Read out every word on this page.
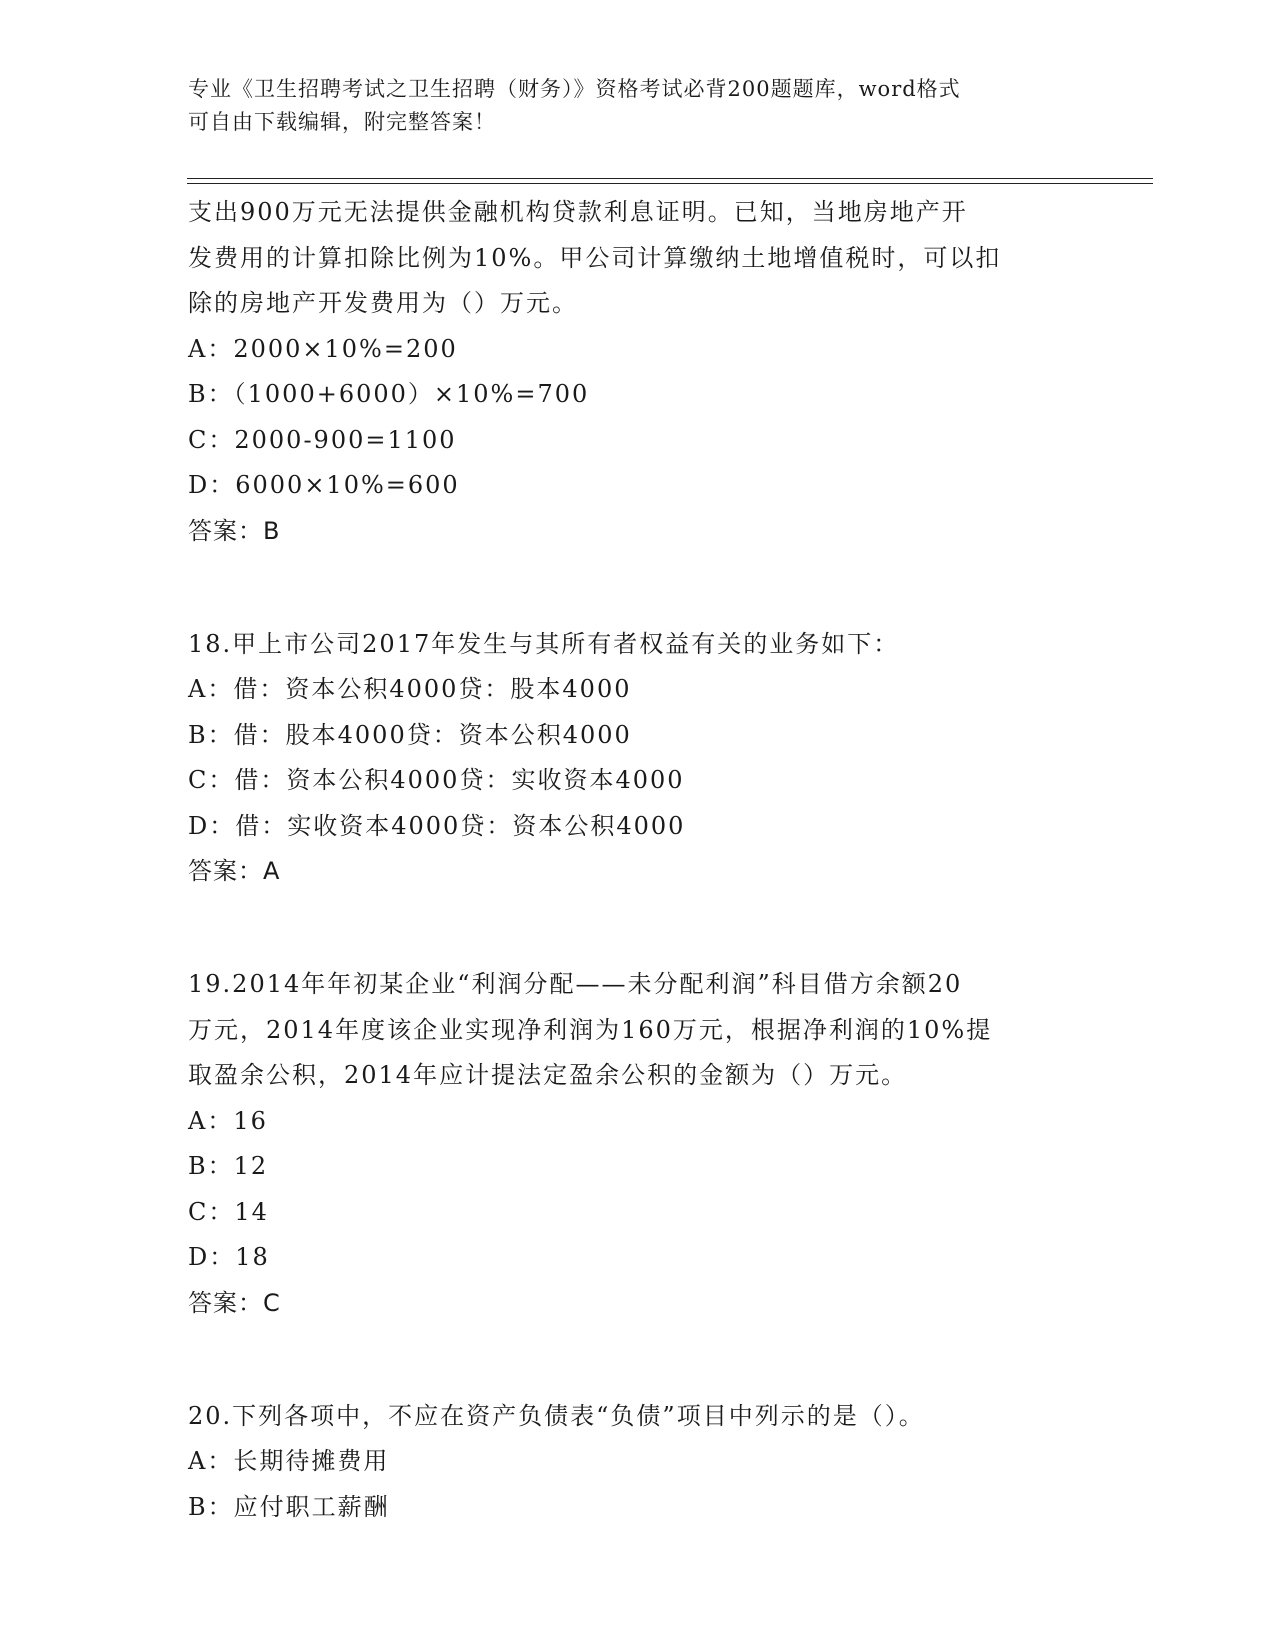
专业《卫生招聘考试之卫生招聘（财务）》资格考试必背200题题库，word格式
可自由下载编辑，附完整答案！
支出900万元无法提供金融机构贷款利息证明。已知，当地房地产开
发费用的计算扣除比例为10%。甲公司计算缴纳土地增值税时，可以扣
除的房地产开发费用为（）万元。
A：2000×10%=200
B：（1000+6000）×10%=700
C：2000-900=1100
D：6000×10%=600
答案：B
18.甲上市公司2017年发生与其所有者权益有关的业务如下：
A：借：资本公积4000贷：股本4000
B：借：股本4000贷：资本公积4000
C：借：资本公积4000贷：实收资本4000
D：借：实收资本4000贷：资本公积4000
答案：A
19.2014年年初某企业“利润分配——未分配利润”科目借方余额20
万元，2014年度该企业实现净利润为160万元，根据净利润的10%提
取盈余公积，2014年应计提法定盈余公积的金额为（）万元。
A：16
B：12
C：14
D：18
答案：C
20.下列各项中，不应在资产负债表“负债”项目中列示的是（）。
A：长期待摊费用
B：应付职工薪酬
